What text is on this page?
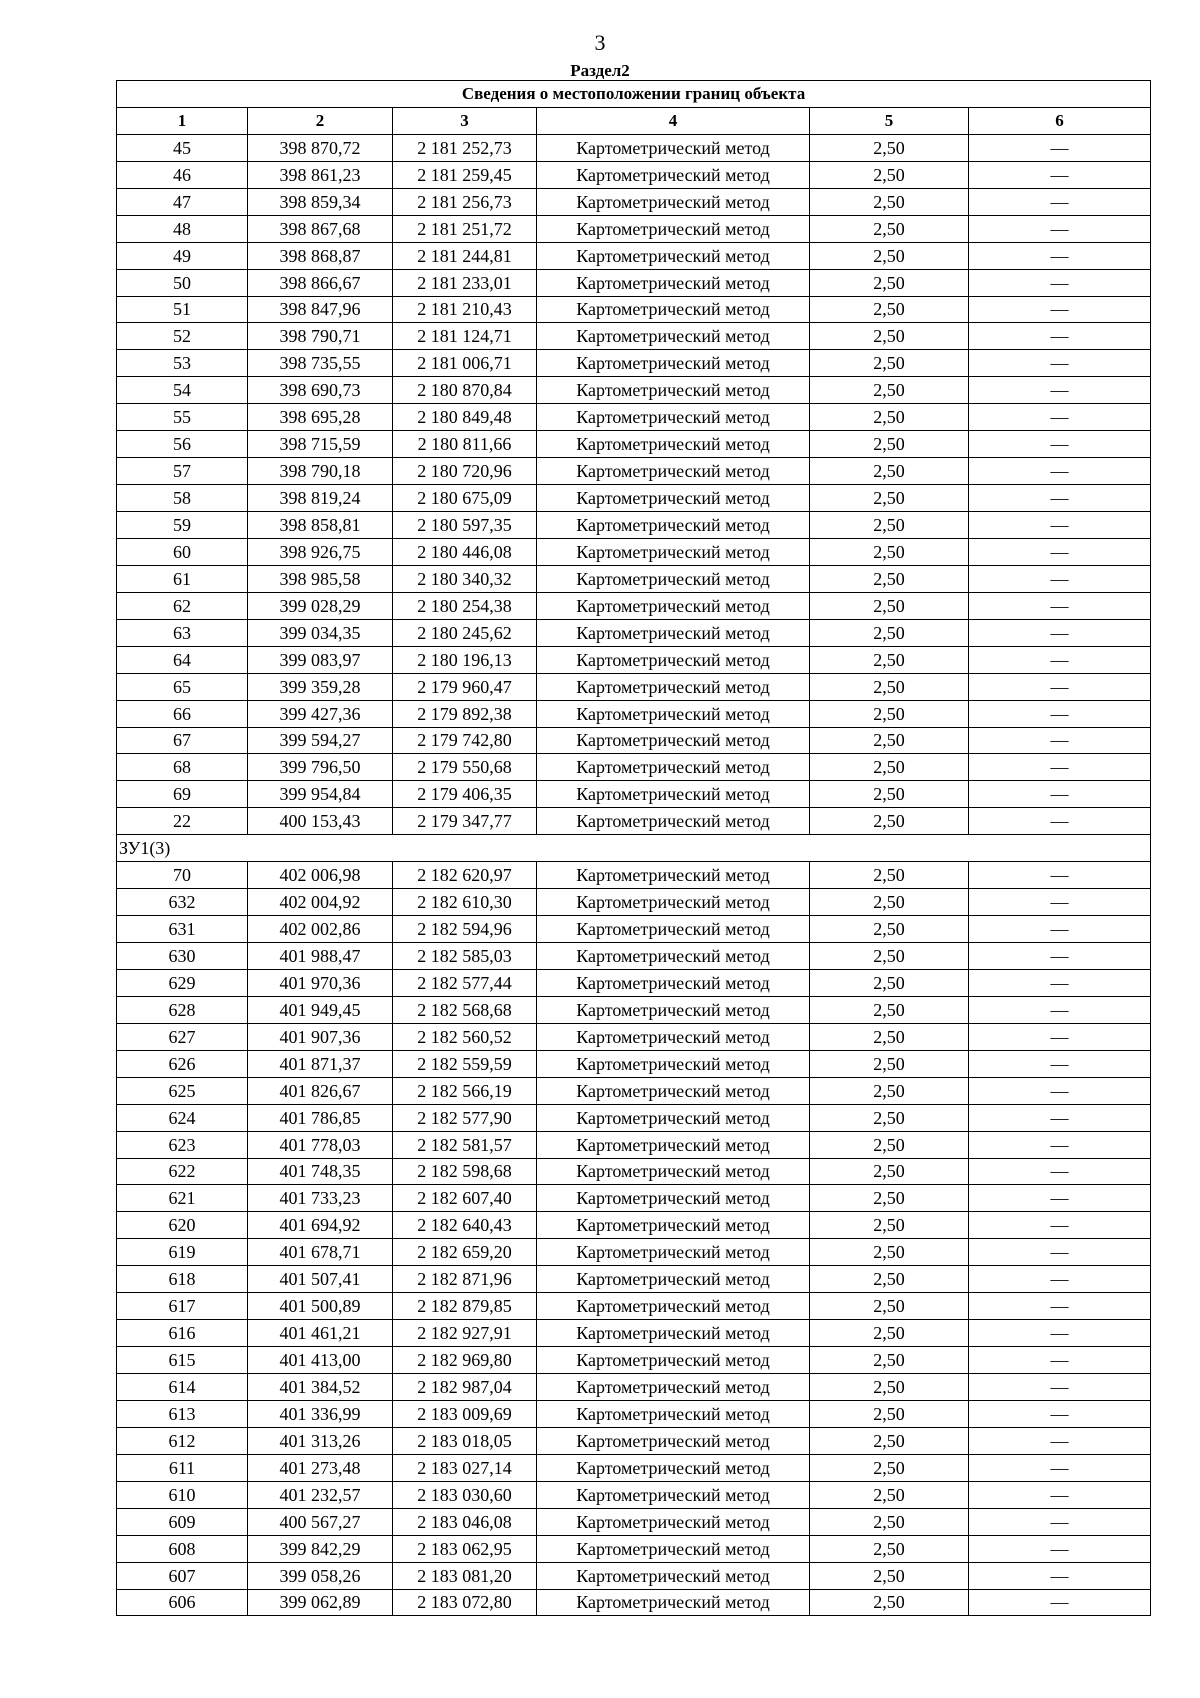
3
Раздел2
Сведения о местоположении границ объекта					
1	2	3	4	5	6
45	398 870,72	2 181 252,73	Картометрический метод	2,50	—
46	398 861,23	2 181 259,45	Картометрический метод	2,50	—
47	398 859,34	2 181 256,73	Картометрический метод	2,50	—
48	398 867,68	2 181 251,72	Картометрический метод	2,50	—
49	398 868,87	2 181 244,81	Картометрический метод	2,50	—
50	398 866,67	2 181 233,01	Картометрический метод	2,50	—
51	398 847,96	2 181 210,43	Картометрический метод	2,50	—
52	398 790,71	2 181 124,71	Картометрический метод	2,50	—
53	398 735,55	2 181 006,71	Картометрический метод	2,50	—
54	398 690,73	2 180 870,84	Картометрический метод	2,50	—
55	398 695,28	2 180 849,48	Картометрический метод	2,50	—
56	398 715,59	2 180 811,66	Картометрический метод	2,50	—
57	398 790,18	2 180 720,96	Картометрический метод	2,50	—
58	398 819,24	2 180 675,09	Картометрический метод	2,50	—
59	398 858,81	2 180 597,35	Картометрический метод	2,50	—
60	398 926,75	2 180 446,08	Картометрический метод	2,50	—
61	398 985,58	2 180 340,32	Картометрический метод	2,50	—
62	399 028,29	2 180 254,38	Картометрический метод	2,50	—
63	399 034,35	2 180 245,62	Картометрический метод	2,50	—
64	399 083,97	2 180 196,13	Картометрический метод	2,50	—
65	399 359,28	2 179 960,47	Картометрический метод	2,50	—
66	399 427,36	2 179 892,38	Картометрический метод	2,50	—
67	399 594,27	2 179 742,80	Картометрический метод	2,50	—
68	399 796,50	2 179 550,68	Картометрический метод	2,50	—
69	399 954,84	2 179 406,35	Картометрический метод	2,50	—
22	400 153,43	2 179 347,77	Картометрический метод	2,50	—
ЗУ1(3)					
70	402 006,98	2 182 620,97	Картометрический метод	2,50	—
632	402 004,92	2 182 610,30	Картометрический метод	2,50	—
631	402 002,86	2 182 594,96	Картометрический метод	2,50	—
630	401 988,47	2 182 585,03	Картометрический метод	2,50	—
629	401 970,36	2 182 577,44	Картометрический метод	2,50	—
628	401 949,45	2 182 568,68	Картометрический метод	2,50	—
627	401 907,36	2 182 560,52	Картометрический метод	2,50	—
626	401 871,37	2 182 559,59	Картометрический метод	2,50	—
625	401 826,67	2 182 566,19	Картометрический метод	2,50	—
624	401 786,85	2 182 577,90	Картометрический метод	2,50	—
623	401 778,03	2 182 581,57	Картометрический метод	2,50	—
622	401 748,35	2 182 598,68	Картометрический метод	2,50	—
621	401 733,23	2 182 607,40	Картометрический метод	2,50	—
620	401 694,92	2 182 640,43	Картометрический метод	2,50	—
619	401 678,71	2 182 659,20	Картометрический метод	2,50	—
618	401 507,41	2 182 871,96	Картометрический метод	2,50	—
617	401 500,89	2 182 879,85	Картометрический метод	2,50	—
616	401 461,21	2 182 927,91	Картометрический метод	2,50	—
615	401 413,00	2 182 969,80	Картометрический метод	2,50	—
614	401 384,52	2 182 987,04	Картометрический метод	2,50	—
613	401 336,99	2 183 009,69	Картометрический метод	2,50	—
612	401 313,26	2 183 018,05	Картометрический метод	2,50	—
611	401 273,48	2 183 027,14	Картометрический метод	2,50	—
610	401 232,57	2 183 030,60	Картометрический метод	2,50	—
609	400 567,27	2 183 046,08	Картометрический метод	2,50	—
608	399 842,29	2 183 062,95	Картометрический метод	2,50	—
607	399 058,26	2 183 081,20	Картометрический метод	2,50	—
606	399 062,89	2 183 072,80	Картометрический метод	2,50	—
